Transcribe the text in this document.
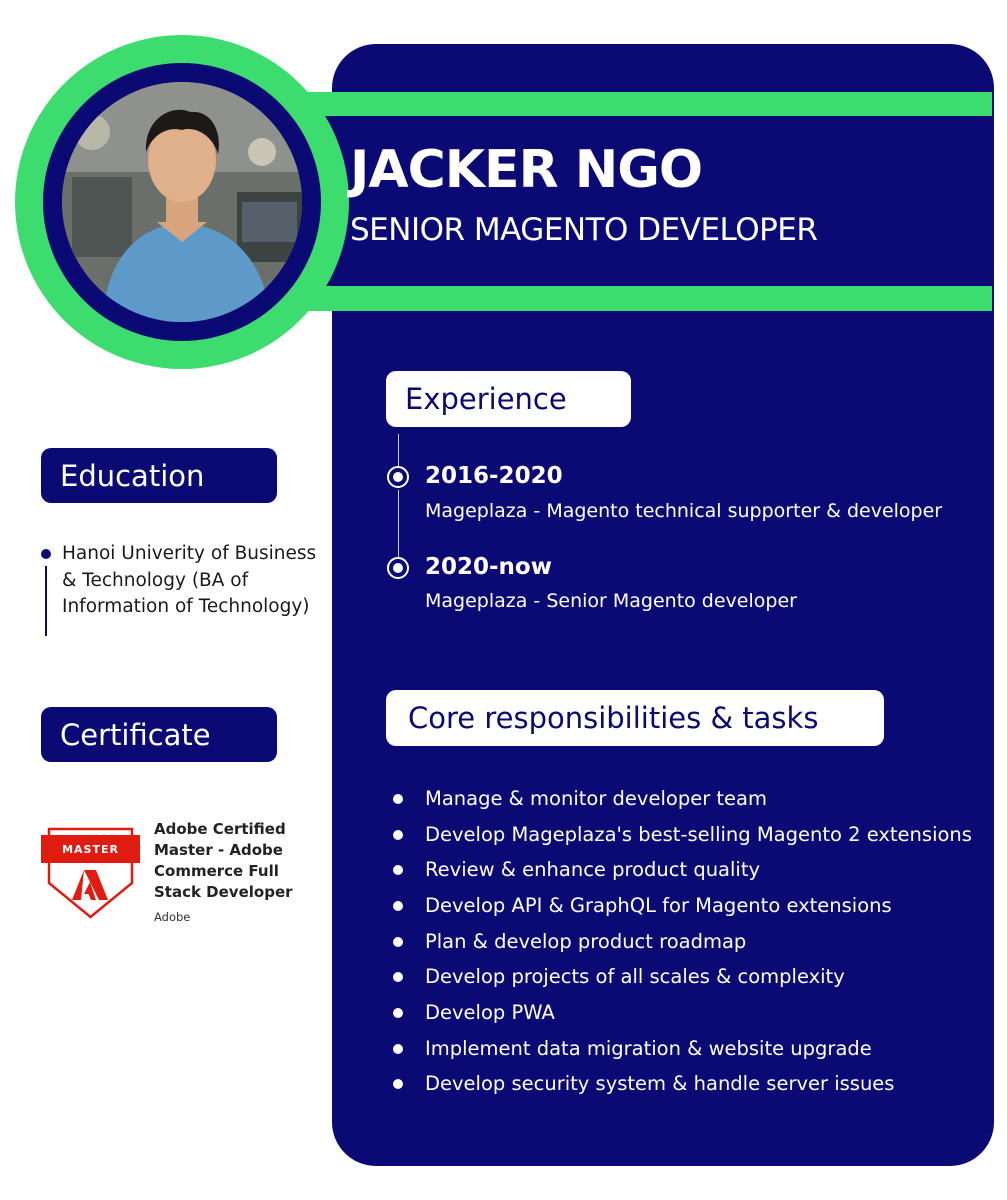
JACKER NGO
SENIOR MAGENTO DEVELOPER
Experience
2016-2020
Mageplaza - Magento technical supporter & developer
2020-now
Mageplaza - Senior Magento developer
Core responsibilities & tasks
Manage & monitor developer team
Develop Mageplaza's best-selling Magento 2 extensions
Review & enhance product quality
Develop API & GraphQL for Magento extensions
Plan & develop product roadmap
Develop projects of all scales & complexity
Develop PWA
Implement data migration & website upgrade
Develop security system & handle server issues
Education
Hanoi Univerity of Business & Technology (BA of Information of Technology)
Certificate
MASTER
Adobe Certified Master - Adobe Commerce Full Stack Developer
Adobe
